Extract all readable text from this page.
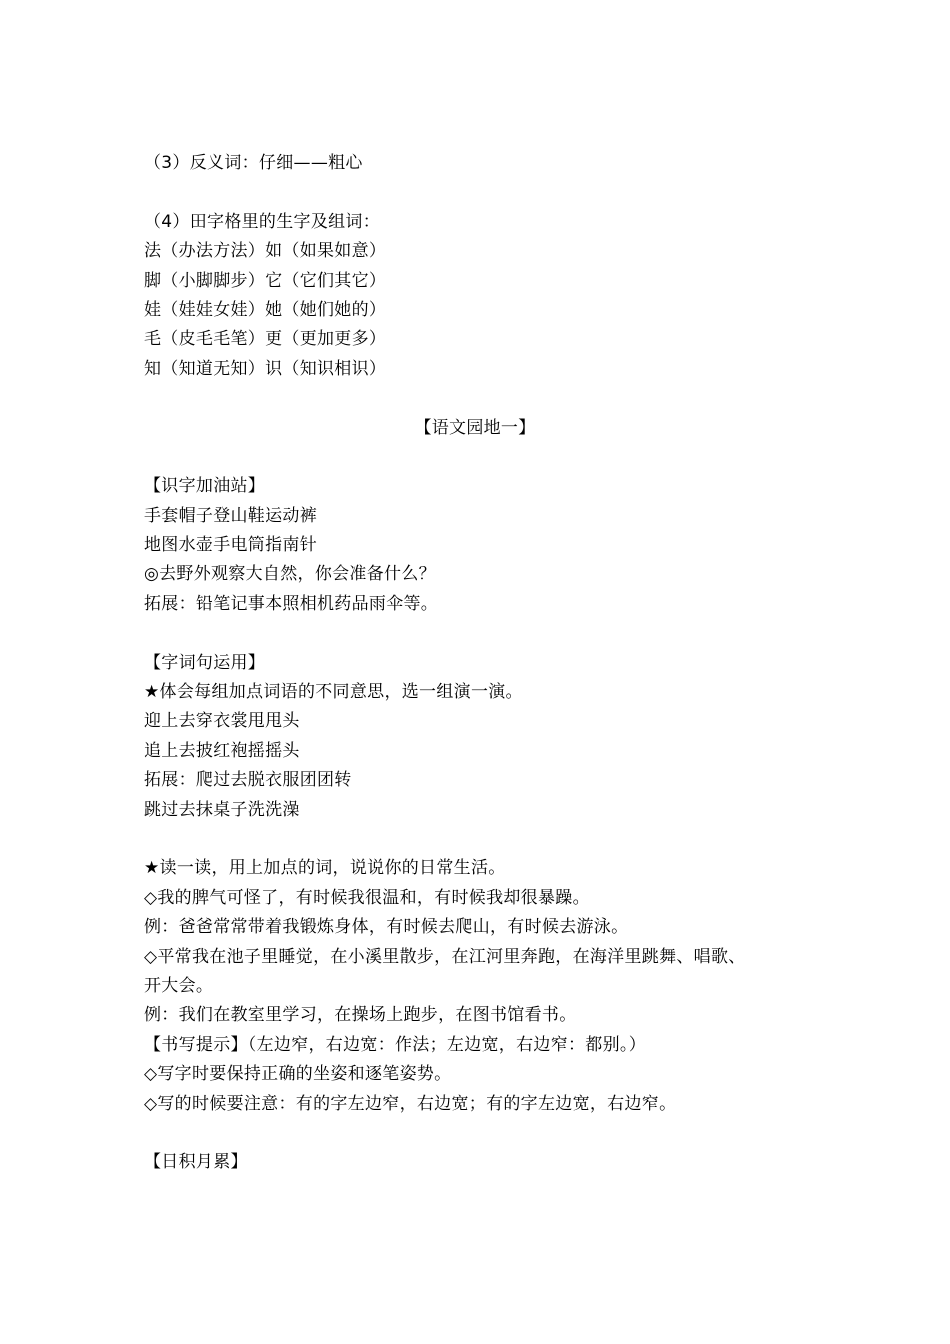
（3）反义词：仔细——粗心
（4）田字格里的生字及组词：
法（办法方法）如（如果如意）
脚（小脚脚步）它（它们其它）
娃（娃娃女娃）她（她们她的）
毛（皮毛毛笔）更（更加更多）
知（知道无知）识（知识相识）
【语文园地一】
【识字加油站】
手套帽子登山鞋运动裤
地图水壶手电筒指南针
◎去野外观察大自然，你会准备什么？
拓展：铅笔记事本照相机药品雨伞等。
【字词句运用】
★体会每组加点词语的不同意思，选一组演一演。
迎上去穿衣裳甩甩头
追上去披红袍摇摇头
拓展：爬过去脱衣服团团转
跳过去抹桌子洗洗澡
★读一读，用上加点的词，说说你的日常生活。
◇我的脾气可怪了，有时候我很温和，有时候我却很暴躁。
例：爸爸常常带着我锻炼身体，有时候去爬山，有时候去游泳。
◇平常我在池子里睡觉，在小溪里散步，在江河里奔跑，在海洋里跳舞、唱歌、
开大会。
例：我们在教室里学习，在操场上跑步，在图书馆看书。
【书写提示】（左边窄，右边宽：作法；左边宽，右边窄：都别。）
◇写字时要保持正确的坐姿和逐笔姿势。
◇写的时候要注意：有的字左边窄，右边宽；有的字左边宽，右边窄。
【日积月累】
